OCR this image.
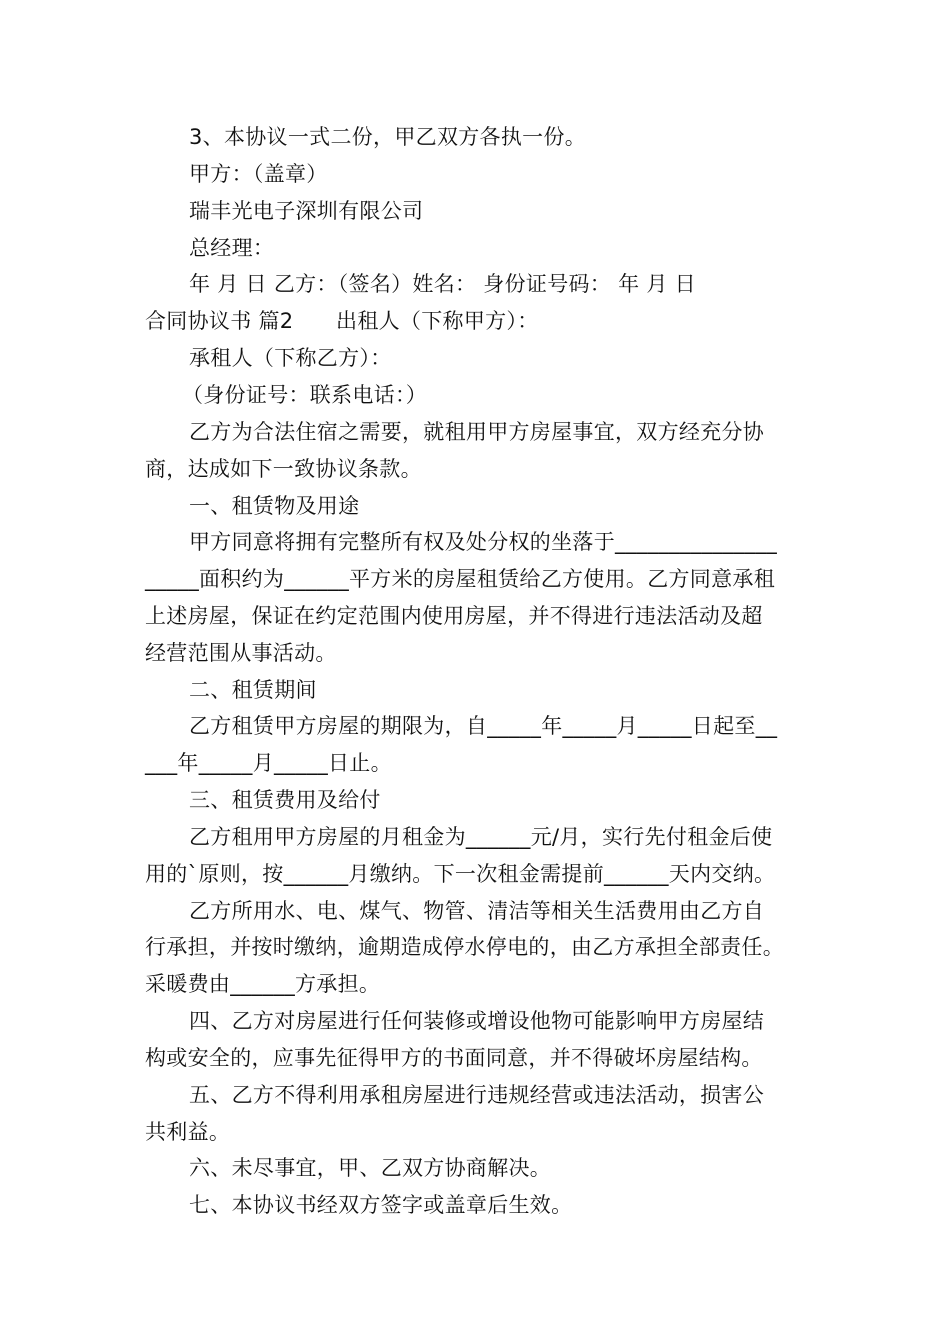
3、本协议一式二份，甲乙双方各执一份。
甲方：（盖章）
瑞丰光电子深圳有限公司
总经理：
年 月 日 乙方：（签名）姓名： 身份证号码： 年 月 日
合同协议书 篇2　　出租人（下称甲方）：
承租人（下称乙方）：
（身份证号：联系电话：）
乙方为合法住宿之需要，就租用甲方房屋事宜，双方经充分协
商，达成如下一致协议条款。
一、租赁物及用途
甲方同意将拥有完整所有权及处分权的坐落于_______________
_____面积约为______平方米的房屋租赁给乙方使用。乙方同意承租
上述房屋，保证在约定范围内使用房屋，并不得进行违法活动及超
经营范围从事活动。
二、租赁期间
乙方租赁甲方房屋的期限为，自_____年_____月_____日起至__
___年_____月_____日止。
三、租赁费用及给付
乙方租用甲方房屋的月租金为______元/月，实行先付租金后使
用的`原则，按______月缴纳。下一次租金需提前______天内交纳。
乙方所用水、电、煤气、物管、清洁等相关生活费用由乙方自
行承担，并按时缴纳，逾期造成停水停电的，由乙方承担全部责任。
采暖费由______方承担。
四、乙方对房屋进行任何装修或增设他物可能影响甲方房屋结
构或安全的，应事先征得甲方的书面同意，并不得破坏房屋结构。
五、乙方不得利用承租房屋进行违规经营或违法活动，损害公
共利益。
六、未尽事宜，甲、乙双方协商解决。
七、本协议书经双方签字或盖章后生效。
